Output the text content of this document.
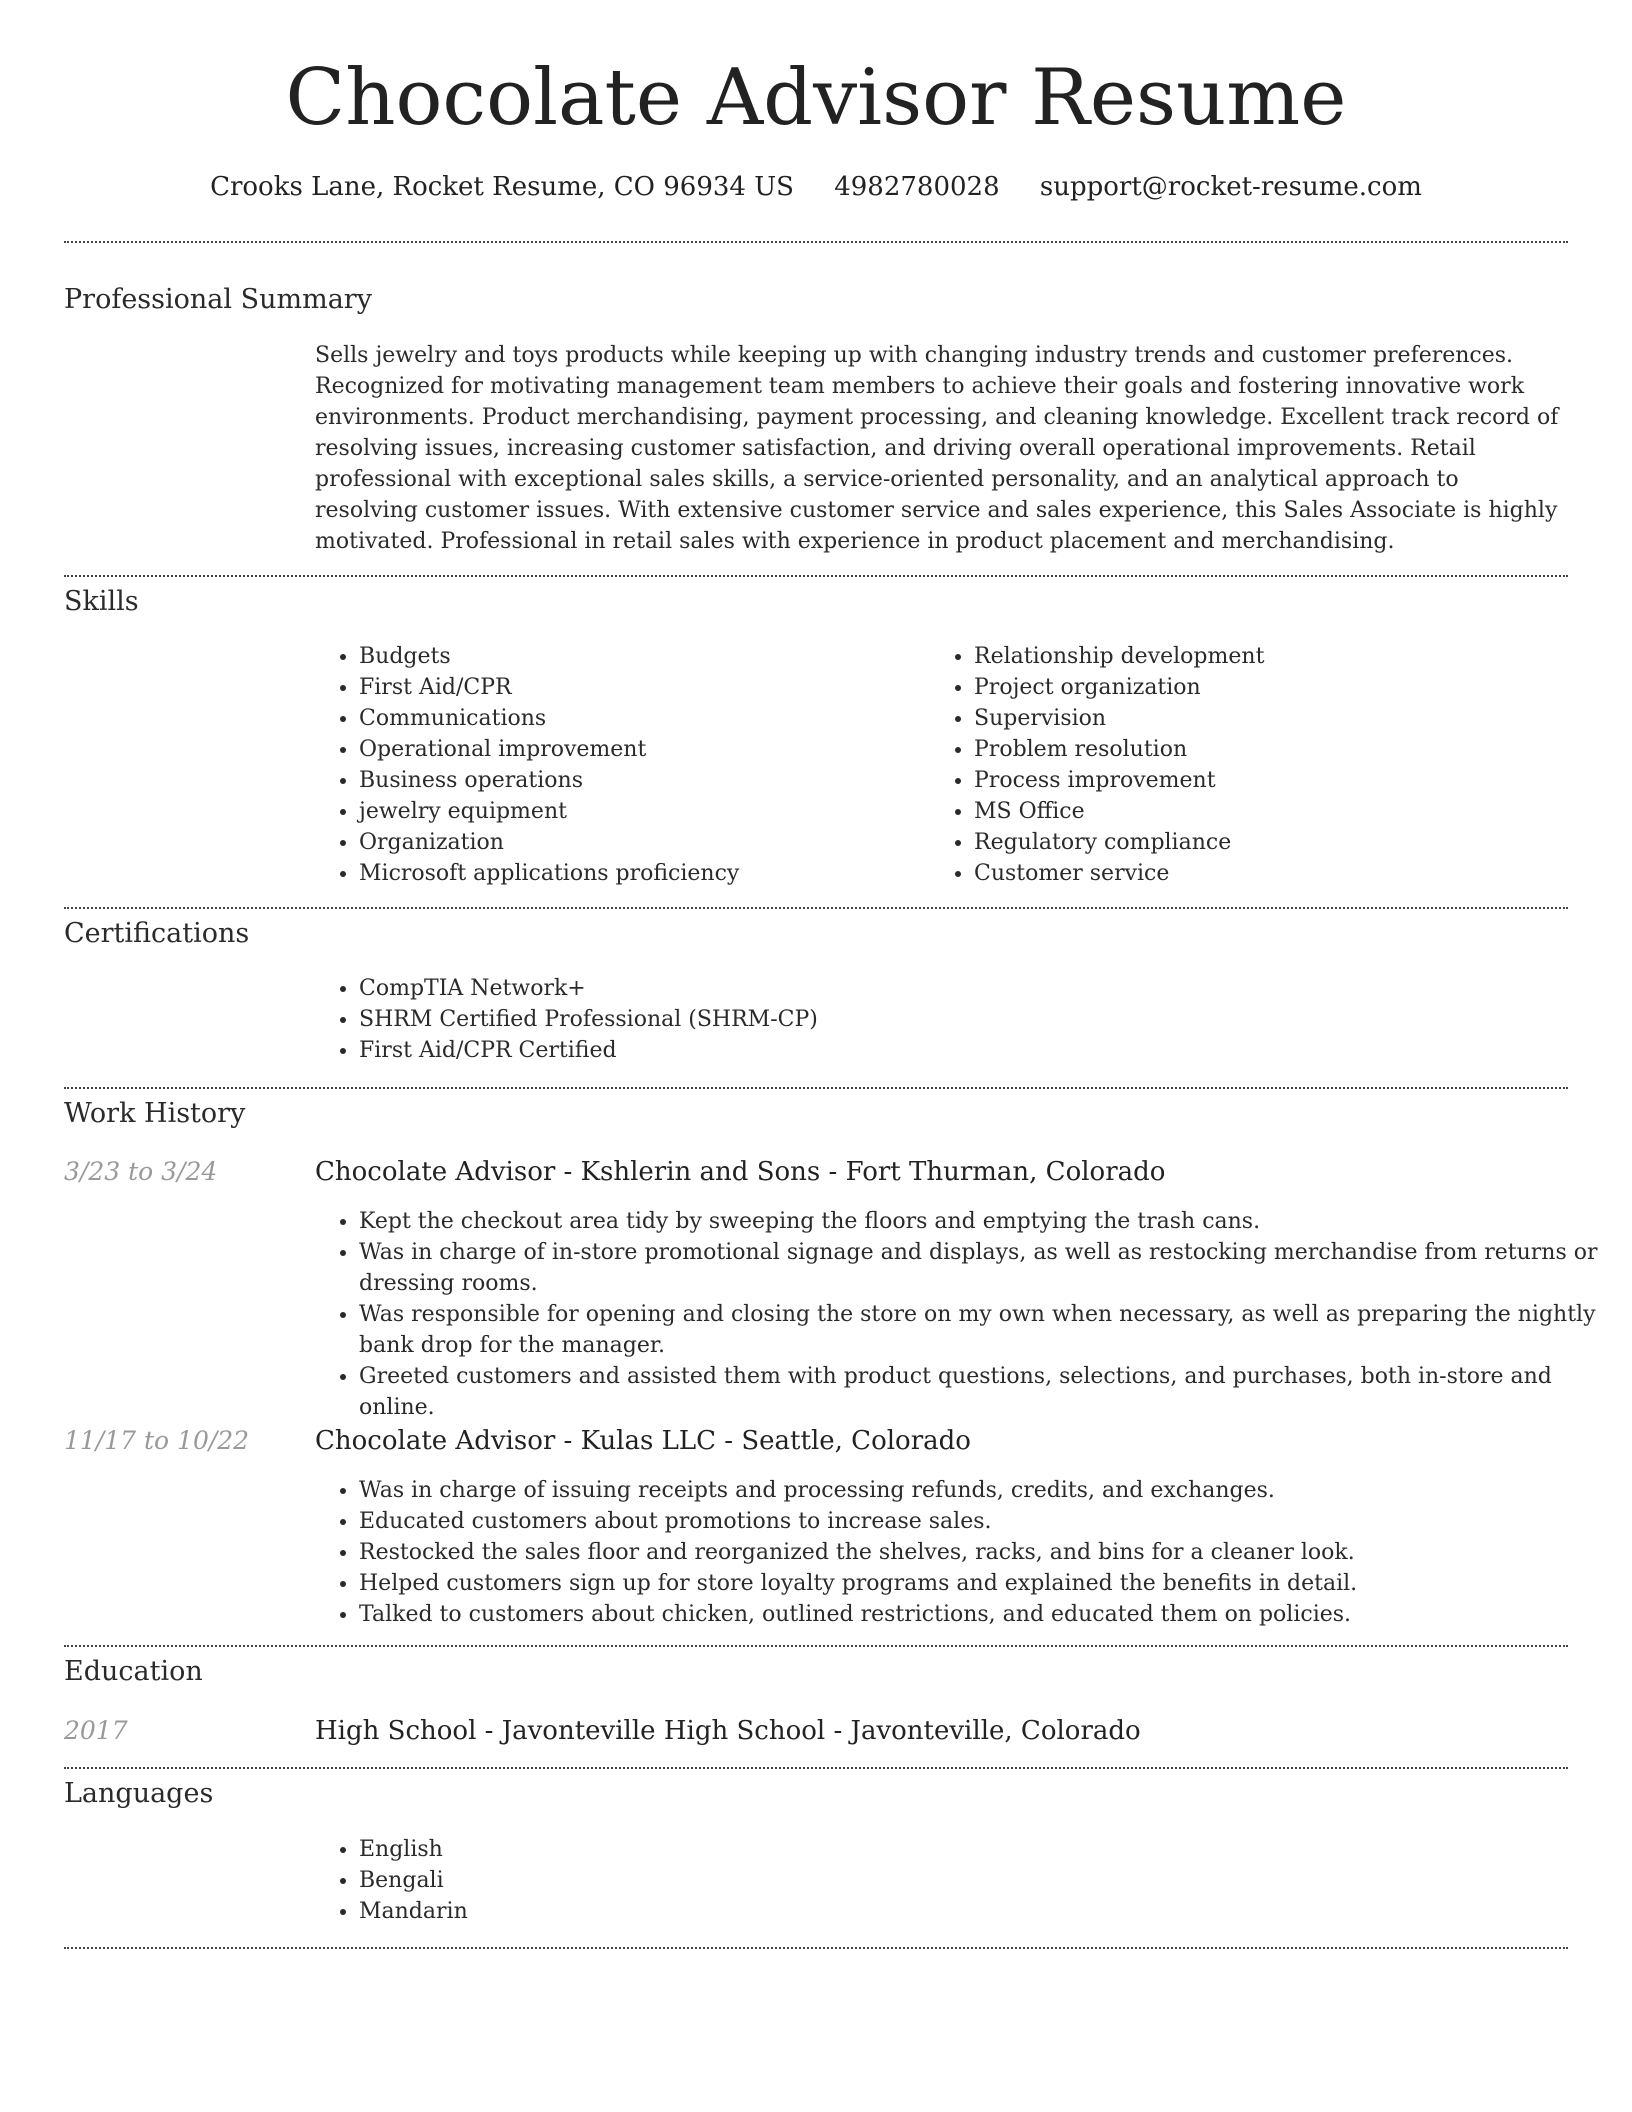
Chocolate Advisor Resume
Crooks Lane, Rocket Resume, CO 96934 US 4982780028 support@rocket-resume.com
Professional Summary

Sells jewelry and toys products while keeping up with changing industry trends and customer preferences. Recognized for motivating management team members to achieve their goals and fostering innovative work environments. Product merchandising, payment processing, and cleaning knowledge. Excellent track record of resolving issues, increasing customer satisfaction, and driving overall operational improvements. Retail professional with exceptional sales skills, a service-oriented personality, and an analytical approach to resolving customer issues. With extensive customer service and sales experience, this Sales Associate is highly motivated. Professional in retail sales with experience in product placement and merchandising.

Skills
• Budgets
• First Aid/CPR
• Communications
• Operational improvement
• Business operations
• jewelry equipment
• Organization
• Microsoft applications proficiency
• Relationship development
• Project organization
• Supervision
• Problem resolution
• Process improvement
• MS Office
• Regulatory compliance
• Customer service
Certifications
• CompTIA Network+
• SHRM Certified Professional (SHRM-CP)
• First Aid/CPR Certified
Work History
3/23 to 3/24	Chocolate Advisor - Kshlerin and Sons - Fort Thurman, Colorado
• Kept the checkout area tidy by sweeping the floors and emptying the trash cans.
• Was in charge of in-store promotional signage and displays, as well as restocking merchandise from returns or dressing rooms.
• Was responsible for opening and closing the store on my own when necessary, as well as preparing the nightly bank drop for the manager.
• Greeted customers and assisted them with product questions, selections, and purchases, both in-store and online.
11/17 to 10/22	Chocolate Advisor - Kulas LLC - Seattle, Colorado
• Was in charge of issuing receipts and processing refunds, credits, and exchanges.
• Educated customers about promotions to increase sales.
• Restocked the sales floor and reorganized the shelves, racks, and bins for a cleaner look.
• Helped customers sign up for store loyalty programs and explained the benefits in detail.
• Talked to customers about chicken, outlined restrictions, and educated them on policies.
Education
2017	High School - Javonteville High School - Javonteville, Colorado
Languages
• English
• Bengali
• Mandarin
